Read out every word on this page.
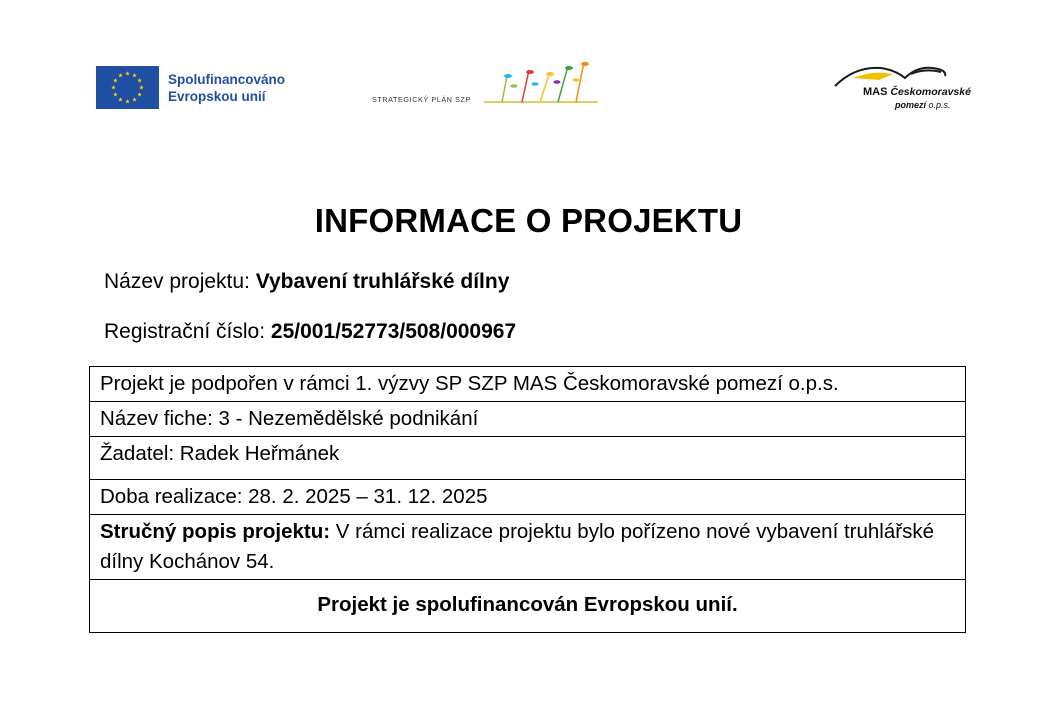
Spolufinancováno
Evropskou unií	STRATEGICKÝ PLÁN SZP
MAS Českomoravské
pomezí o.p.s.
INFORMACE O PROJEKTU
Název projektu: Vybavení truhlářské dílny
Registrační číslo: 25/001/52773/508/000967
Projekt je podpořen v rámci 1. výzvy SP SZP MAS Českomoravské pomezí o.p.s.
Název fiche: 3 - Nezemědělské podnikání
Žadatel: Radek Heřmánek
Doba realizace: 28. 2. 2025 – 31. 12. 2025
Stručný popis projektu: V rámci realizace projektu bylo pořízeno nové vybavení truhlářské dílny Kochánov 54.
Projekt je spolufinancován Evropskou unií.
